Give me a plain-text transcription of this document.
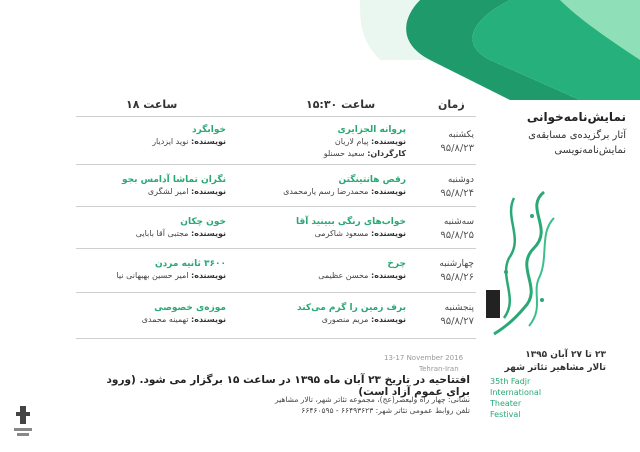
زمان
ساعت ۱۵:۳۰
ساعت ۱۸
یکشنبه
۹۵/۸/۲۳
پروانه الجزایری
نویسنده: پیام لاریان
کارگردان: سعید حسنلو
خوابگرد
نویسنده: نوید ایزدیار
دوشنبه
۹۵/۸/۲۴
رقص هانتینگتن
نویسنده: محمدرضا رسم یارمحمدی
نگران تماشا آدامس بجو
نویسنده: امیر لشگری
سه‌شنبه
۹۵/۸/۲۵
خواب‌های رنگی ببینید آقا
نویسنده: مسعود شاکرمی
خون چکان
نویسنده: مجتبی آقا بابایی
چهارشنبه
۹۵/۸/۲۶
چرخ
نویسنده: محسن عظیمی
۳۶۰۰ ثانیه مردن
نویسنده: امیر حسین بهبهانی نیا
پنجشنبه
۹۵/۸/۲۷
برف زمین را گرم می‌کند
نویسنده: مریم منصوری
موزه‌ی خصوصی
نویسنده: تهمینه محمدی

نمایش‌نامه‌خوانی

آثار برگزیده‌ی مسابقه‌ی
نمایش‌نامه‌نویسی

13-17 November 2016
Tehran-Iran
۲۳ تا ۲۷ آبان ۱۳۹۵
تالار مشاهیر تئاتر شهر
35th Fadjr
International
Theater
Festival
افتتاحیه در تاریخ ۲۳ آبان ماه ۱۳۹۵ در ساعت ۱۵ برگزار می شود. (ورود برای عموم آزاد است)
نشانی: چهار راه ولیعصر(عج)، مجموعه تئاتر شهر، تالار مشاهیر
تلفن روابط عمومی تئاتر شهر: ۶۶۴۹۳۶۲۳ - ۶۶۴۶۰۵۹۵
